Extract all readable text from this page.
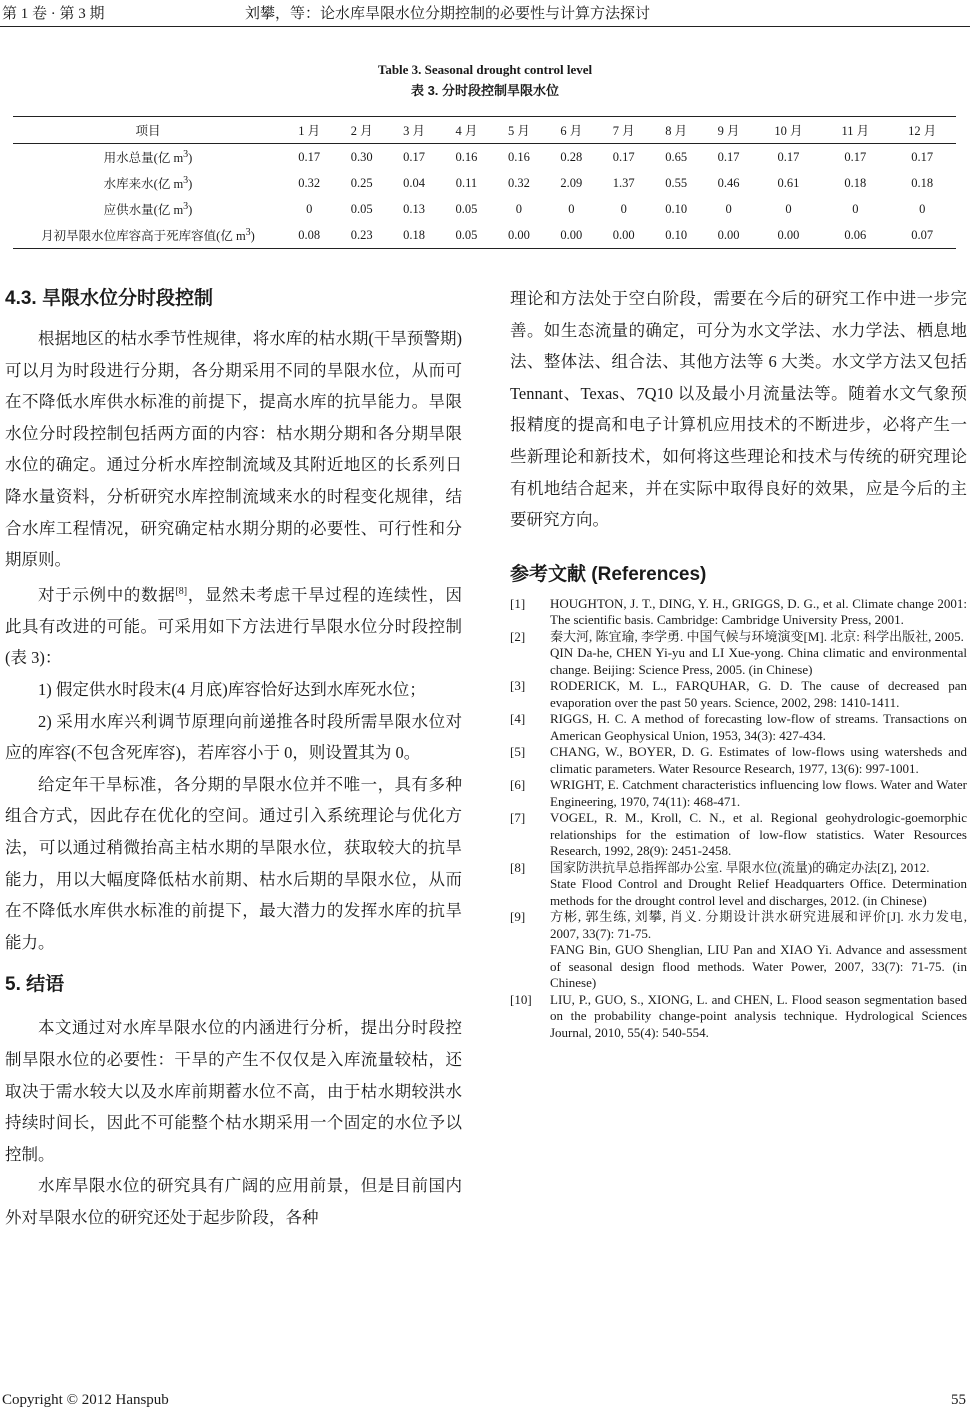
第 1 卷 · 第 3 期	刘攀，等：论水库旱限水位分期控制的必要性与计算方法探讨
Table 3. Seasonal drought control level
表 3. 分时段控制旱限水位
项目	1 月	2 月	3 月	4 月	5 月	6 月	7 月	8 月	9 月	10 月	11 月	12 月
用水总量(亿 $m^3$)	0.17	0.30	0.17	0.16	0.16	0.28	0.17	0.65	0.17	0.17	0.17	0.17
水库来水(亿 $m^3$)	0.32	0.25	0.04	0.11	0.32	2.09	1.37	0.55	0.46	0.61	0.18	0.18
应供水量(亿 $m^3$)	0	0.05	0.13	0.05	0	0	0	0.10	0	0	0	0
月初旱限水位库容高于死库容值(亿 $m^3$)	0.08	0.23	0.18	0.05	0.00	0.00	0.00	0.10	0.00	0.00	0.06	0.07
4.3. 旱限水位分时段控制

根据地区的枯水季节性规律，将水库的枯水期(干旱预警期)可以月为时段进行分期，各分期采用不同的旱限水位，从而可在不降低水库供水标准的前提下，提高水库的抗旱能力。旱限水位分时段控制包括两方面的内容：枯水期分期和各分期旱限水位的确定。通过分析水库控制流域及其附近地区的长系列日降水量资料，分析研究水库控制流域来水的时程变化规律，结合水库工程情况，研究确定枯水期分期的必要性、可行性和分期原则。

对于示例中的数据[8]，显然未考虑干旱过程的连续性，因此具有改进的可能。可采用如下方法进行旱限水位分时段控制(表 3)：

1) 假定供水时段末(4 月底)库容恰好达到水库死水位；

2) 采用水库兴利调节原理向前递推各时段所需旱限水位对应的库容(不包含死库容)，若库容小于 0，则设置其为 0。

给定年干旱标准，各分期的旱限水位并不唯一，具有多种组合方式，因此存在优化的空间。通过引入系统理论与优化方法，可以通过稍微抬高主枯水期的旱限水位，获取较大的抗旱能力，用以大幅度降低枯水前期、枯水后期的旱限水位，从而在不降低水库供水标准的前提下，最大潜力的发挥水库的抗旱能力。

5. 结语

本文通过对水库旱限水位的内涵进行分析，提出分时段控制旱限水位的必要性：干旱的产生不仅仅是入库流量较枯，还取决于需水较大以及水库前期蓄水位不高，由于枯水期较洪水持续时间长，因此不可能整个枯水期采用一个固定的水位予以控制。

水库旱限水位的研究具有广阔的应用前景，但是目前国内外对旱限水位的研究还处于起步阶段，各种

理论和方法处于空白阶段，需要在今后的研究工作中进一步完善。如生态流量的确定，可分为水文学法、水力学法、栖息地法、整体法、组合法、其他方法等 6 大类。水文学方法又包括 Tennant、Texas、7Q10 以及最小月流量法等。随着水文气象预报精度的提高和电子计算机应用技术的不断进步，必将产生一些新理论和新技术，如何将这些理论和技术与传统的研究理论有机地结合起来，并在实际中取得良好的效果，应是今后的主要研究方向。

参考文献 (References)
[1]	HOUGHTON, J. T., DING, Y. H., GRIGGS, D. G., et al. Climate change 2001: The scientific basis. Cambridge: Cambridge University Press, 2001.
[2]	秦大河, 陈宜瑜, 李学勇. 中国气候与环境演变[M]. 北京: 科学出版社, 2005.
QIN Da-he, CHEN Yi-yu and LI Xue-yong. China climatic and environmental change. Beijing: Science Press, 2005. (in Chinese)
[3]	RODERICK, M. L., FARQUHAR, G. D. The cause of decreased pan evaporation over the past 50 years. Science, 2002, 298: 1410-1411.
[4]	RIGGS, H. C. A method of forecasting low-flow of streams. Transactions on American Geophysical Union, 1953, 34(3): 427-434.
[5]	CHANG, W., BOYER, D. G. Estimates of low-flows using watersheds and climatic parameters. Water Resource Research, 1977, 13(6): 997-1001.
[6]	WRIGHT, E. Catchment characteristics influencing low flows. Water and Water Engineering, 1970, 74(11): 468-471.
[7]	VOGEL, R. M., Kroll, C. N., et al. Regional geohydrologic-goemorphic relationships for the estimation of low-flow statistics. Water Resources Research, 1992, 28(9): 2451-2458.
[8]	国家防洪抗旱总指挥部办公室. 旱限水位(流量)的确定办法[Z], 2012.
State Flood Control and Drought Relief Headquarters Office. Determination methods for the drought control level and discharges, 2012. (in Chinese)
[9]	方彬, 郭生练, 刘攀, 肖义. 分期设计洪水研究进展和评价[J]. 水力发电, 2007, 33(7): 71-75.
FANG Bin, GUO Shenglian, LIU Pan and XIAO Yi. Advance and assessment of seasonal design flood methods. Water Power, 2007, 33(7): 71-75. (in Chinese)
[10]	LIU, P., GUO, S., XIONG, L. and CHEN, L. Flood season segmentation based on the probability change-point analysis technique. Hydrological Sciences Journal, 2010, 55(4): 540-554.
Copyright © 2012 Hanspub	55
